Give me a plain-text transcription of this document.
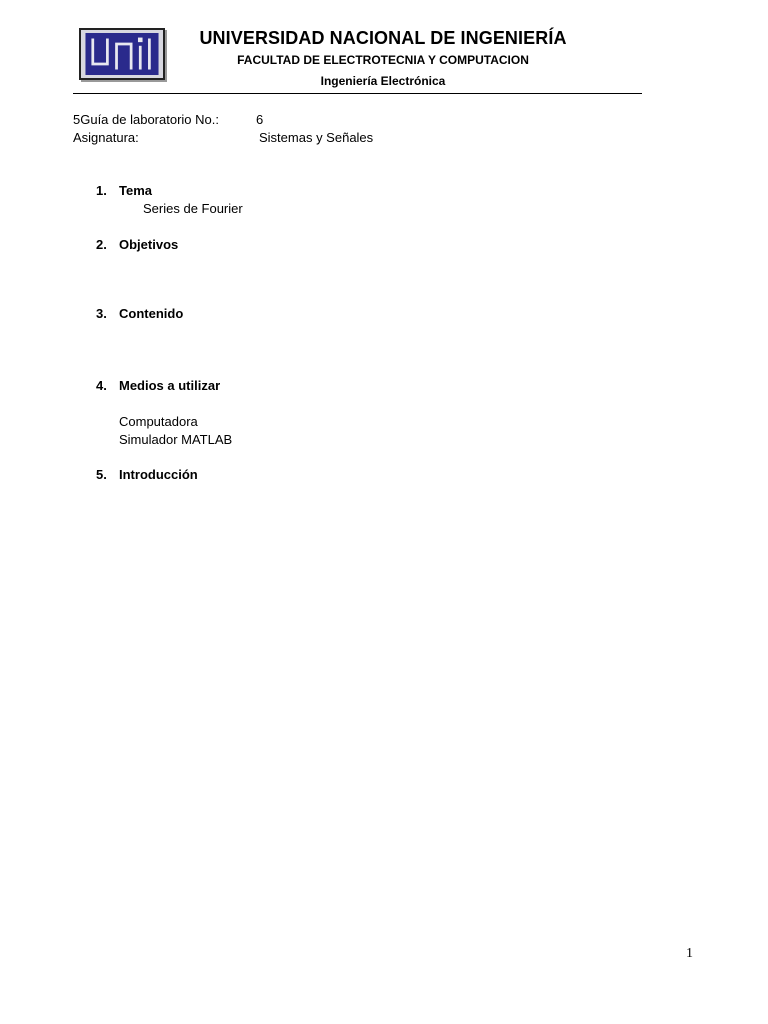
UNIVERSIDAD NACIONAL DE INGENIERÍA
FACULTAD DE ELECTROTECNIA Y COMPUTACION
Ingeniería Electrónica
5Guía de laboratorio No.:	6
Asignatura:	Sistemas y Señales
1. Tema
Series de Fourier
2. Objetivos
3. Contenido
4. Medios a utilizar
Computadora
Simulador MATLAB
5. Introducción
1
